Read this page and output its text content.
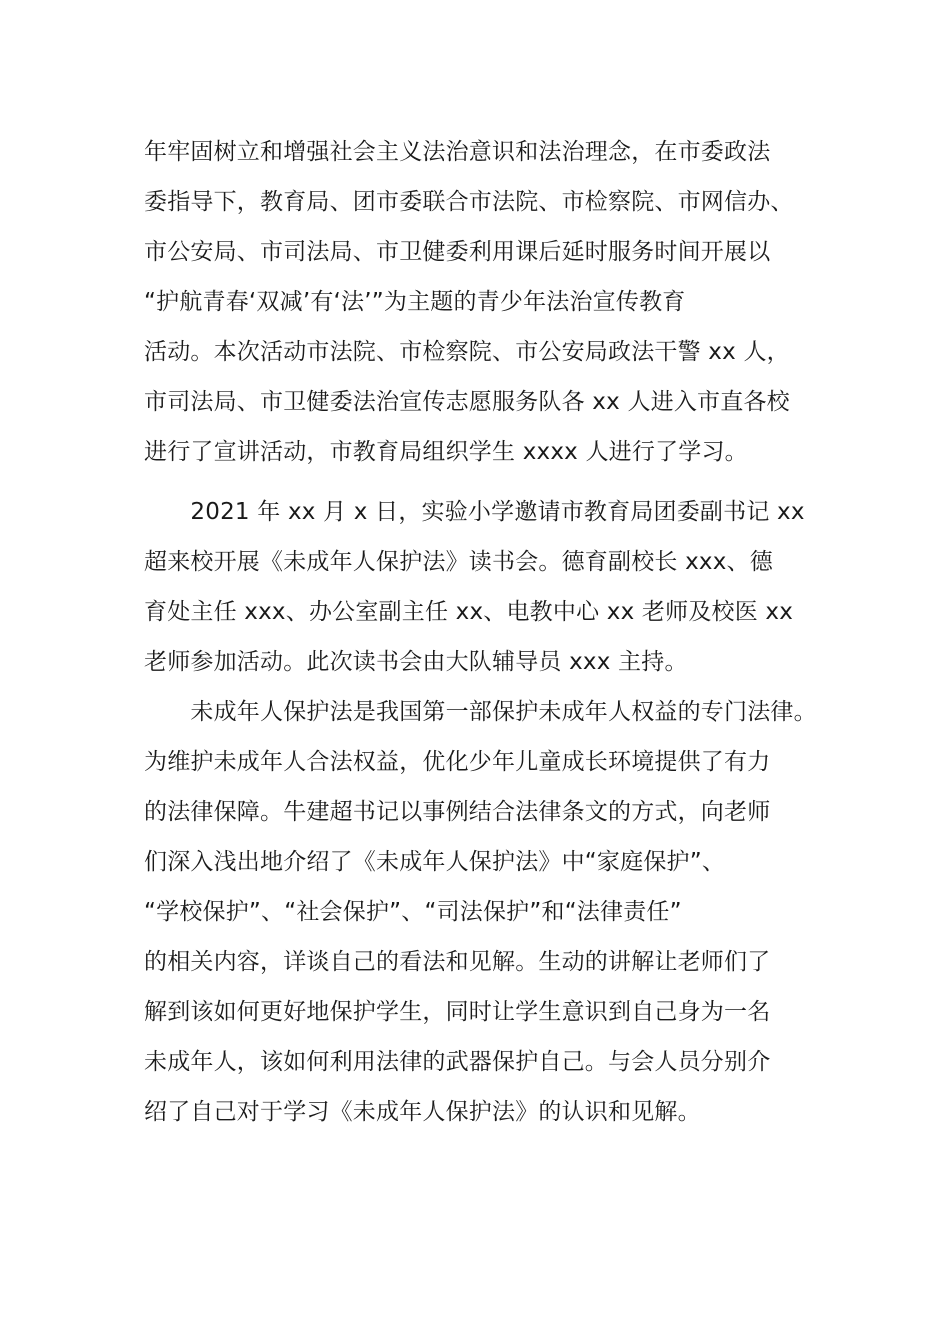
年牢固树立和增强社会主义法治意识和法治理念，在市委政法
委指导下，教育局、团市委联合市法院、市检察院、市网信办、
市公安局、市司法局、市卫健委利用课后延时服务时间开展以
“护航青春‘双减’有‘法’”为主题的青少年法治宣传教育
活动。本次活动市法院、市检察院、市公安局政法干警 xx 人，
市司法局、市卫健委法治宣传志愿服务队各 xx 人进入市直各校
进行了宣讲活动，市教育局组织学生 xxxx 人进行了学习。
　　2021 年 xx 月 x 日，实验小学邀请市教育局团委副书记 xx
超来校开展《未成年人保护法》读书会。德育副校长 xxx、德
育处主任 xxx、办公室副主任 xx、电教中心 xx 老师及校医 xx
老师参加活动。此次读书会由大队辅导员 xxx 主持。
　　未成年人保护法是我国第一部保护未成年人权益的专门法律。
为维护未成年人合法权益，优化少年儿童成长环境提供了有力
的法律保障。牛建超书记以事例结合法律条文的方式，向老师
们深入浅出地介绍了《未成年人保护法》中“家庭保护”、
“学校保护”、“社会保护”、“司法保护”和“法律责任”
的相关内容，详谈自己的看法和见解。生动的讲解让老师们了
解到该如何更好地保护学生，同时让学生意识到自己身为一名
未成年人，该如何利用法律的武器保护自己。与会人员分别介
绍了自己对于学习《未成年人保护法》的认识和见解。
